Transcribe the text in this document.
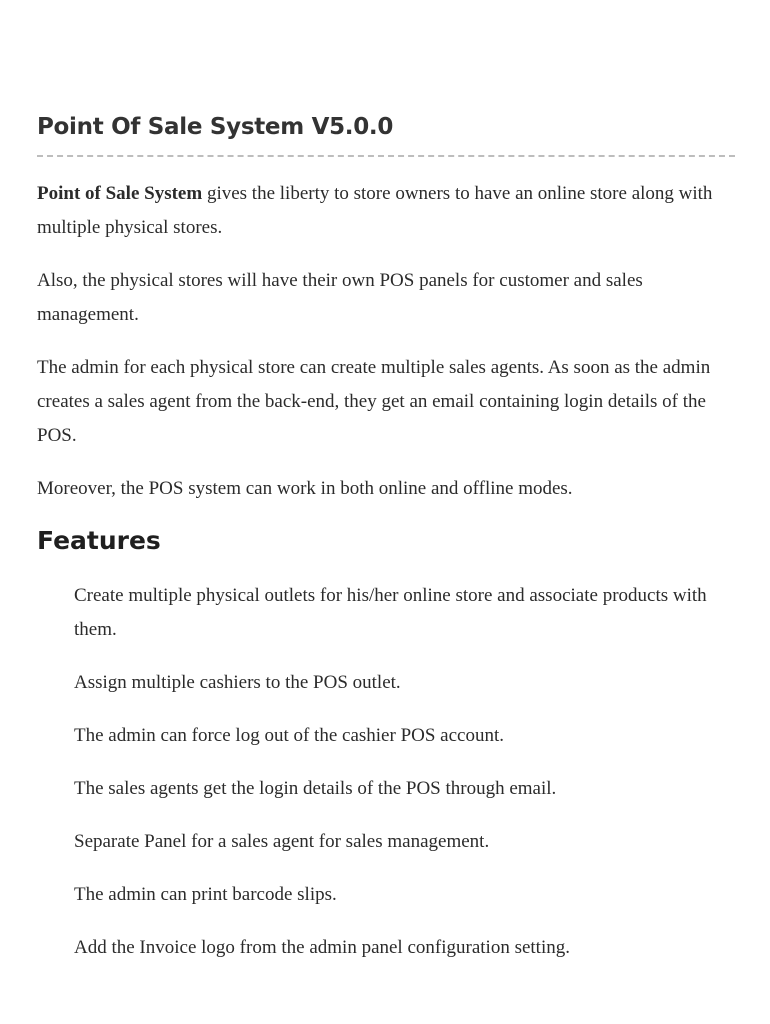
Point Of Sale System V5.0.0

Point of Sale System gives the liberty to store owners to have an online store along with multiple physical stores.

Also, the physical stores will have their own POS panels for customer and sales management.

The admin for each physical store can create multiple sales agents. As soon as the admin creates a sales agent from the back-end, they get an email containing login details of the POS.

Moreover, the POS system can work in both online and offline modes.

Features
Create multiple physical outlets for his/her online store and associate products with them.
Assign multiple cashiers to the POS outlet.
The admin can force log out of the cashier POS account.
The sales agents get the login details of the POS through email.
Separate Panel for a sales agent for sales management.
The admin can print barcode slips.
Add the Invoice logo from the admin panel configuration setting.
